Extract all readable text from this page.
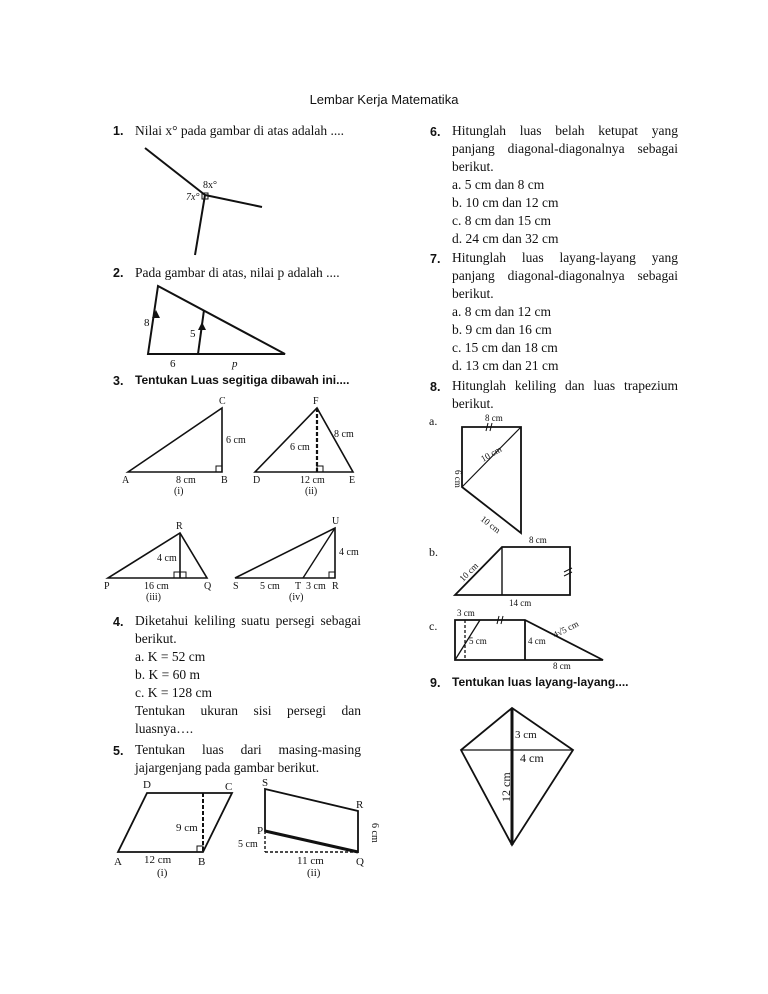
Lembar Kerja Matematika
1. Nilai x° pada gambar di atas adalah ....
8x°
7x°
2. Pada gambar di atas, nilai p adalah ....
8
5
6	p
3. Tentukan Luas segitiga dibawah ini....
C
A	B
6 cm
8 cm
(i)
F
D	E
8 cm
6 cm
12 cm
(ii)
R
P	Q
4 cm
16 cm
(iii)
U
S	T	R
4 cm
5 cm	3 cm
(iv)
4. Diketahui keliling suatu persegi sebagai
berikut.
a. K = 52 cm
b. K = 60 m
c. K = 128 cm
Tentukan ukuran sisi persegi dan
luasnya….
5. Tentukan luas dari masing-masing
jajargenjang pada gambar berikut.
D	C
A	B
9 cm
12 cm
(i)
S
R
P
Q
5 cm
11 cm
6 cm
(ii)
6. Hitunglah luas belah ketupat yang
panjang diagonal-diagonalnya sebagai
berikut.
a. 5 cm dan 8 cm
b. 10 cm dan 12 cm
c. 8 cm dan 15 cm
d. 24 cm dan 32 cm
7. Hitunglah luas layang-layang yang
panjang diagonal-diagonalnya sebagai
berikut.
a. 8 cm dan 12 cm
b. 9 cm dan 16 cm
c. 15 cm dan 18 cm
d. 13 cm dan 21 cm
8. Hitunglah keliling dan luas trapezium
berikut.
a.	8 cm
10 cm
6 cm
10 cm
b.
8 cm
10 cm
14 cm
c.
3 cm
5 cm	4 cm
4√5 cm
8 cm
9. Tentukan luas layang-layang....
3 cm
4 cm
12 cm
